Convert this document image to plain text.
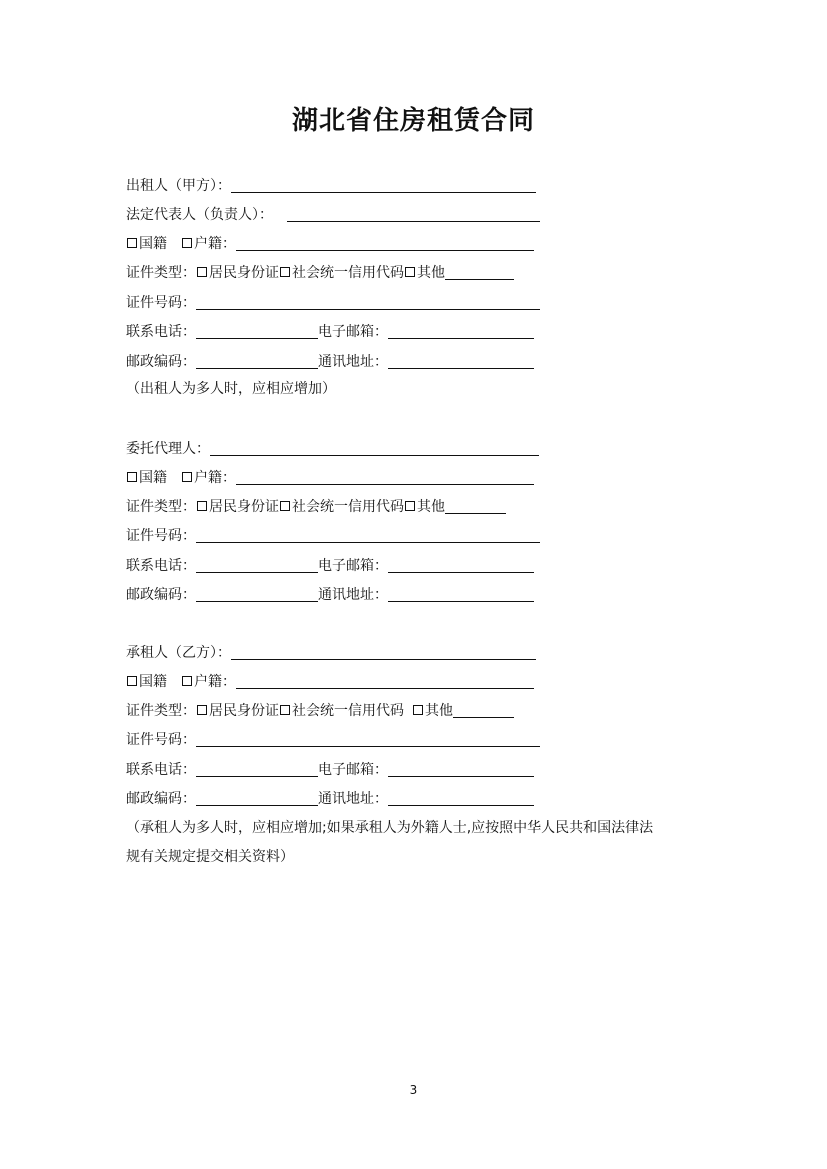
湖北省住房租赁合同
出租人（甲方）：
法定代表人（负责人）：
国籍 户籍：
证件类型： 居民身份证 社会统一信用代码 其他
证件号码：
联系电话：	电子邮箱：
邮政编码：	通讯地址：
（出租人为多人时，应相应增加）
委托代理人：
国籍 户籍：
证件类型： 居民身份证 社会统一信用代码 其他
证件号码：
联系电话：	电子邮箱：
邮政编码：	通讯地址：
承租人（乙方）：
国籍 户籍：
证件类型： 居民身份证 社会统一信用代码 其他
证件号码：
联系电话：	电子邮箱：
邮政编码：	通讯地址：
（承租人为多人时，应相应增加;如果承租人为外籍人士,应按照中华人民共和国法律法
规有关规定提交相关资料）
3
